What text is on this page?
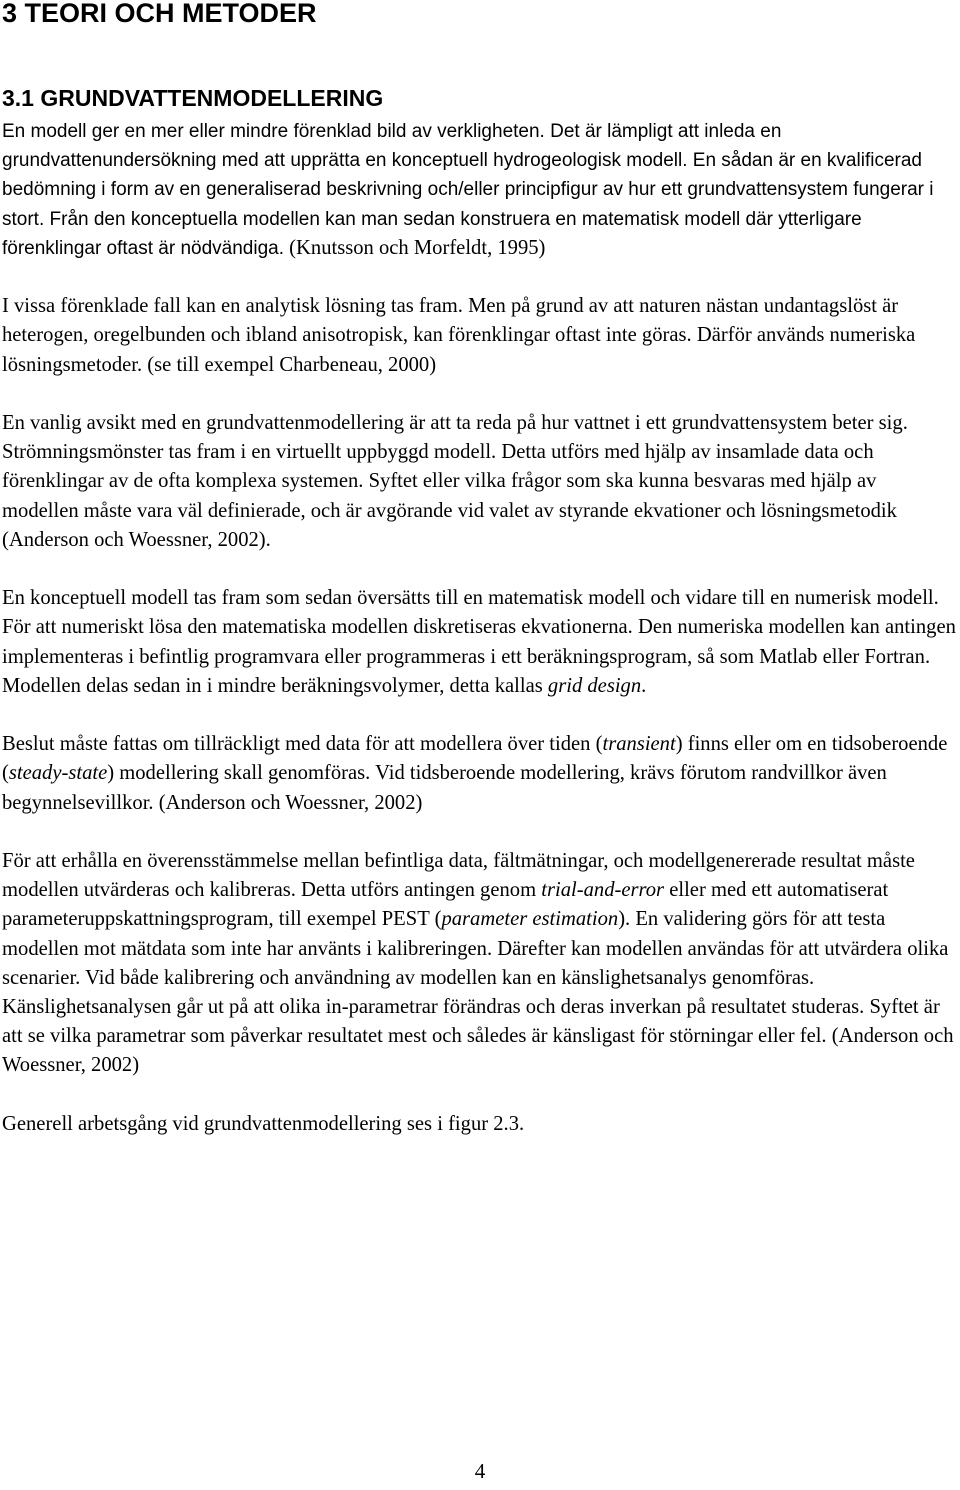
3 TEORI OCH METODER
3.1 GRUNDVATTENMODELLERING

En modell ger en mer eller mindre förenklad bild av verkligheten. Det är lämpligt att inleda en grundvattenundersökning med att upprätta en konceptuell hydrogeologisk modell. En sådan är en kvalificerad bedömning i form av en generaliserad beskrivning och/eller principfigur av hur ett grundvattensystem fungerar i stort. Från den konceptuella modellen kan man sedan konstruera en matematisk modell där ytterligare förenklingar oftast är nödvändiga. (Knutsson och Morfeldt, 1995)

I vissa förenklade fall kan en analytisk lösning tas fram. Men på grund av att naturen nästan undantagslöst är heterogen, oregelbunden och ibland anisotropisk, kan förenklingar oftast inte göras. Därför används numeriska lösningsmetoder. (se till exempel Charbeneau, 2000)

En vanlig avsikt med en grundvattenmodellering är att ta reda på hur vattnet i ett grundvattensystem beter sig. Strömningsmönster tas fram i en virtuellt uppbyggd modell. Detta utförs med hjälp av insamlade data och förenklingar av de ofta komplexa systemen. Syftet eller vilka frågor som ska kunna besvaras med hjälp av modellen måste vara väl definierade, och är avgörande vid valet av styrande ekvationer och lösningsmetodik (Anderson och Woessner, 2002).

En konceptuell modell tas fram som sedan översätts till en matematisk modell och vidare till en numerisk modell. För att numeriskt lösa den matematiska modellen diskretiseras ekvationerna. Den numeriska modellen kan antingen implementeras i befintlig programvara eller programmeras i ett beräkningsprogram, så som Matlab eller Fortran. Modellen delas sedan in i mindre beräkningsvolymer, detta kallas grid design.

Beslut måste fattas om tillräckligt med data för att modellera över tiden (transient) finns eller om en tidsoberoende (steady-state) modellering skall genomföras. Vid tidsberoende modellering, krävs förutom randvillkor även begynnelsevillkor. (Anderson och Woessner, 2002)

För att erhålla en överensstämmelse mellan befintliga data, fältmätningar, och modellgenererade resultat måste modellen utvärderas och kalibreras. Detta utförs antingen genom trial-and-error eller med ett automatiserat parameteruppskattningsprogram, till exempel PEST (parameter estimation). En validering görs för att testa modellen mot mätdata som inte har använts i kalibreringen. Därefter kan modellen användas för att utvärdera olika scenarier. Vid både kalibrering och användning av modellen kan en känslighetsanalys genomföras. Känslighetsanalysen går ut på att olika in-parametrar förändras och deras inverkan på resultatet studeras. Syftet är att se vilka parametrar som påverkar resultatet mest och således är känsligast för störningar eller fel. (Anderson och Woessner, 2002)

Generell arbetsgång vid grundvattenmodellering ses i figur 2.3.

4
